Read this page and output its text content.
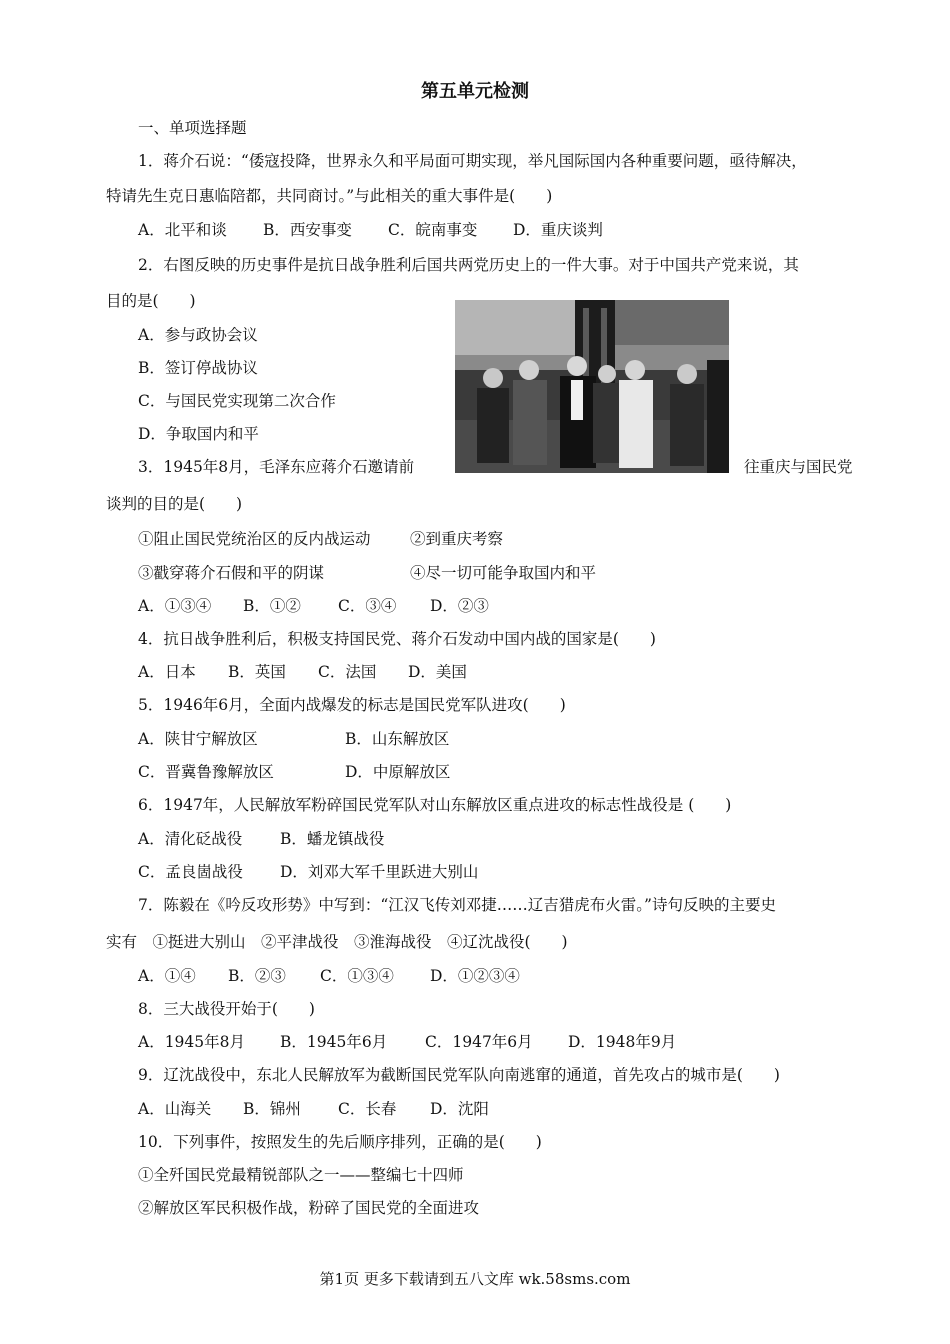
第五单元检测
一、单项选择题
1．蒋介石说：“倭寇投降，世界永久和平局面可期实现，举凡国际国内各种重要问题，亟待解决，
特请先生克日惠临陪都，共同商讨。”与此相关的重大事件是(　　)
A．北平和谈 B．西安事变 C．皖南事变 D．重庆谈判
2．右图反映的历史事件是抗日战争胜利后国共两党历史上的一件大事。对于中国共产党来说，其
目的是(　　)
A．参与政协会议
B．签订停战协议
C．与国民党实现第二次合作
D．争取国内和平
3．1945年8月，毛泽东应蒋介石邀请前	往重庆与国民党
谈判的目的是(　　)
①阻止国民党统治区的反内战运动	②到重庆考察
③戳穿蒋介石假和平的阴谋	④尽一切可能争取国内和平
A．①③④ B．①② C．③④ D．②③
4．抗日战争胜利后，积极支持国民党、蒋介石发动中国内战的国家是(　　)
A．日本 B．英国 C．法国 D．美国
5．1946年6月，全面内战爆发的标志是国民党军队进攻(　　)
A．陕甘宁解放区	B．山东解放区
C．晋冀鲁豫解放区	D．中原解放区
6．1947年，人民解放军粉碎国民党军队对山东解放区重点进攻的标志性战役是 (　　)
A．清化砭战役 B．蟠龙镇战役
C．孟良崮战役 D．刘邓大军千里跃进大别山
7．陈毅在《吟反攻形势》中写到：“江汉飞传刘邓捷……辽吉猎虎布火雷。”诗句反映的主要史
实有　①挺进大别山　②平津战役　③淮海战役　④辽沈战役(　　)
A．①④ B．②③ C．①③④ D．①②③④
8．三大战役开始于(　　)
A．1945年8月 B．1945年6月 C．1947年6月 D．1948年9月
9．辽沈战役中，东北人民解放军为截断国民党军队向南逃窜的通道，首先攻占的城市是(　　)
A．山海关 B．锦州 C．长春 D．沈阳
10．下列事件，按照发生的先后顺序排列，正确的是(　　)
①全歼国民党最精锐部队之一——整编七十四师
②解放区军民积极作战，粉碎了国民党的全面进攻
第1页 更多下载请到五八文库 wk.58sms.com
